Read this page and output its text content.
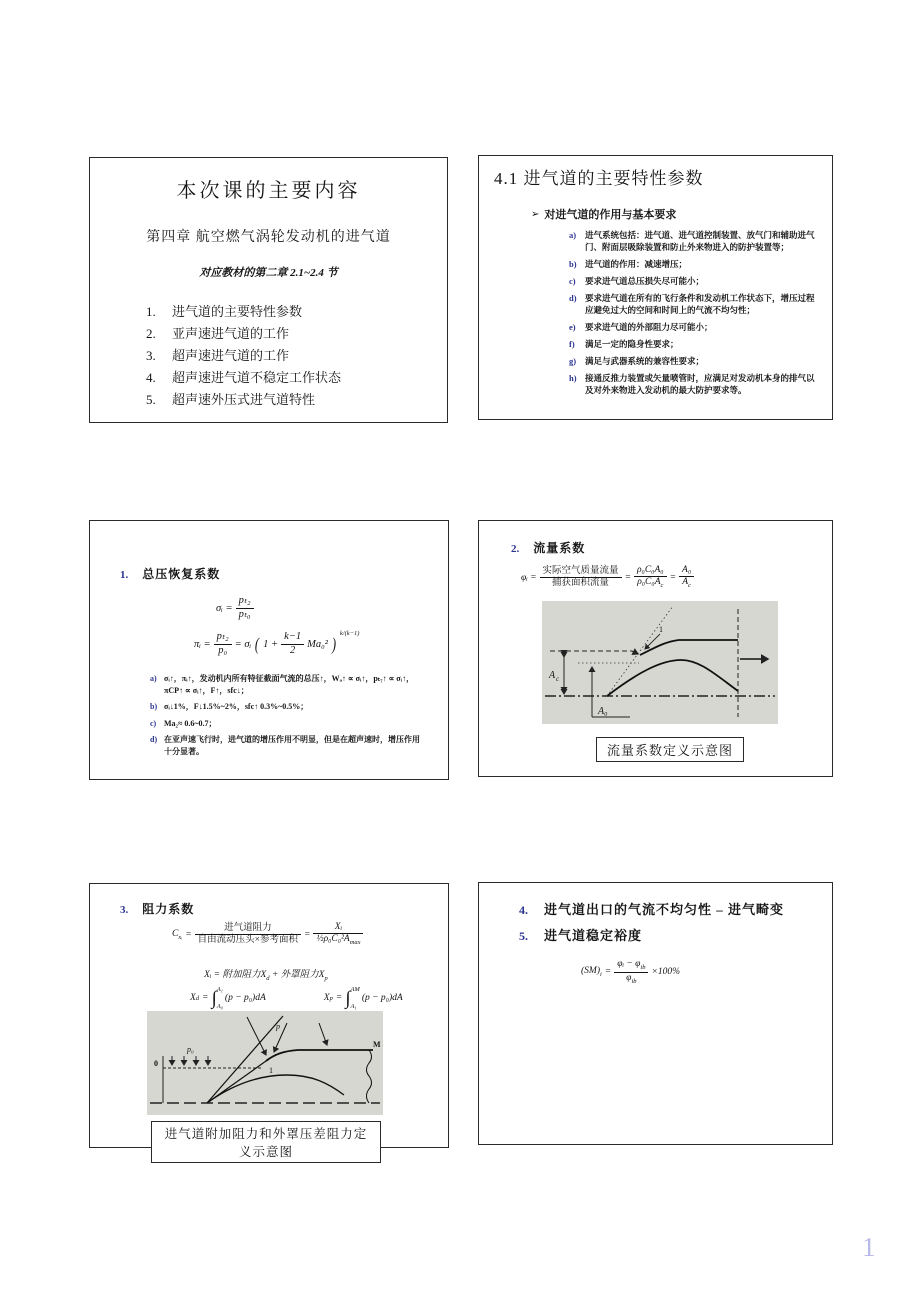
本次课的主要内容
第四章 航空燃气涡轮发动机的进气道
对应教材的第二章 2.1~2.4 节
1. 进气道的主要特性参数
2. 亚声速进气道的工作
3. 超声速进气道的工作
4. 超声速进气道不稳定工作状态
5. 超声速外压式进气道特性
4.1 进气道的主要特性参数
➢ 对进气道的作用与基本要求
a)	进气系统包括：进气道、进气道控制装置、放气门和辅助进气门、附面层吸除装置和防止外来物进入的防护装置等；
b) 进气道的作用：减速增压；
c)	要求进气道总压损失尽可能小；
d) 要求进气道在所有的飞行条件和发动机工作状态下，增压过程应避免过大的空间和时间上的气流不均匀性；
e)	要求进气道的外部阻力尽可能小；
f)	满足一定的隐身性要求；
g)	满足与武器系统的兼容性要求；
h) 接通反推力装置或矢量喷管时，应满足对发动机本身的排气以及对外来物进入发动机的最大防护要求等。
1. 总压恢复系数
σᵢ = $\frac{\text{pₜ₂}}{\text{pₜ₀}}$
πᵢ = $\frac{\text{pₜ₂}}{\text{p₀}}$ = σᵢ ( $1 + \frac{k-1}{2} Ma_0^2$ )
$^{k/(k-1)}$
a) σᵢ↑，πᵢ↑，发动机内所有特征截面气流的总压↑，Wₐ↑ ∝ σᵢ↑，pₜ₇↑ ∝ σᵢ↑，πCP↑ ∝ σᵢ↑，F↑，sfc↓；
b) σᵢ↓1%，F↓1.5%~2%，sfc↑ 0.3%~0.5%；
c) Ma₂≈ 0.6~0.7；
d) 在亚声速飞行时，进气道的增压作用不明显，但是在超声速时，增压作用十分显著。
2. 流量系数
φᵢ = $\frac{\text{实际空气质量流量}}{\text{捕获面积流量}} = \frac{\text{ρ₀C₀A₀}}{\rho_0C_0A_c} = \frac{\text{A₀}}{A_c}$
A c
A₀
1
流量系数定义示意图
3. 阻力系数
$C_{xᵢ} = \frac{\text{进气道阻力}}{\text{自由流动压头×参考面积}} = \frac{\text{Xᵢ}}{\frac{1}{2}\rho_0C_0^2A_{max}}$
Xᵢ = 附加阻力$X_d$ + 外罩阻力$X_p$
X d = ∫ A₁
A₀
(p − p₀)dA	X p = ∫ AM
A₁
(p − p₀)dA
0
p₀
p
1
M
进气道附加阻力和外罩压差阻力定义示意图
4. 进气道出口的气流不均匀性 – 进气畸变
5. 进气道稳定裕度
$(SM)_i = \frac{\varphi ᵢ - \varphi_{ib}}{\varphi_{ib}} \times 100\%$
1
